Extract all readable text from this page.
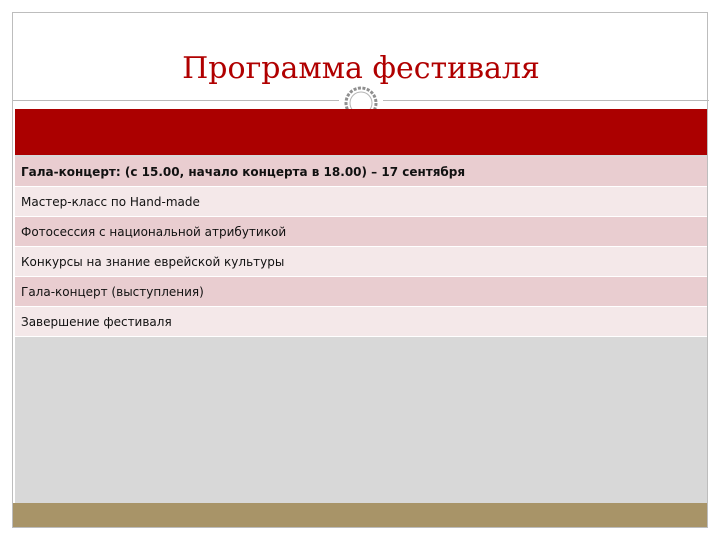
Программа фестиваля
Гала-концерт: (с 15.00, начало концерта в 18.00) – 17 сентября
Мастер-класс по Hand-made
Фотосессия с национальной атрибутикой
Конкурсы на знание еврейской культуры
Гала-концерт (выступления)
Завершение фестиваля
